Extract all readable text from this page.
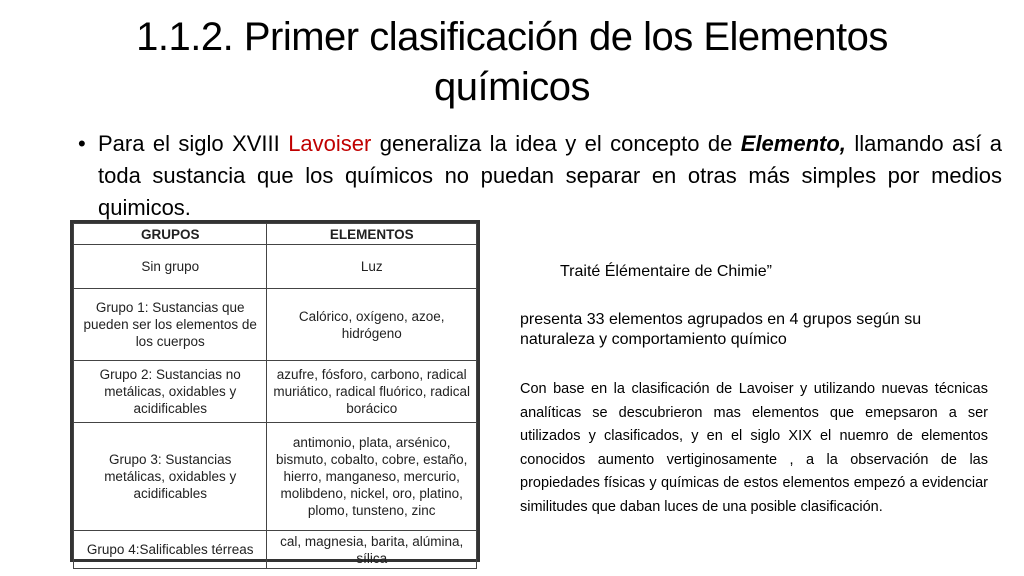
1.1.2. Primer clasificación de los Elementos
químicos
• Para el siglo XVIII Lavoiser generaliza la idea y el concepto de Elemento, llamando así a toda sustancia que los químicos no puedan separar en otras más simples por medios quimicos.

GRUPOS	ELEMENTOS
Sin grupo	Luz
Grupo 1: Sustancias que pueden ser los elementos de los cuerpos	Calórico, oxígeno, azoe, hidrógeno
Grupo 2: Sustancias no metálicas, oxidables y acidificables	azufre, fósforo, carbono, radical muriático, radical fluórico, radical borácico
Grupo 3: Sustancias metálicas, oxidables y acidificables	antimonio, plata, arsénico, bismuto, cobalto, cobre, estaño, hierro, manganeso, mercurio, molibdeno, nickel, oro, platino, plomo, tunsteno, zinc
Grupo 4:Salificables térreas	cal, magnesia, barita, alúmina, sílica
Traité Élémentaire de Chimie”

presenta 33 elementos agrupados en 4 grupos según su naturaleza y comportamiento químico

Con base en la clasificación de Lavoiser y utilizando nuevas técnicas analíticas se descubrieron mas elementos que emepsaron a ser utilizados y clasificados, y en el siglo XIX el nuemro de elementos conocidos aumento vertiginosamente , a la observación de las propiedades físicas y químicas de estos elementos empezó a evidenciar similitudes que daban luces de una posible clasificación.
